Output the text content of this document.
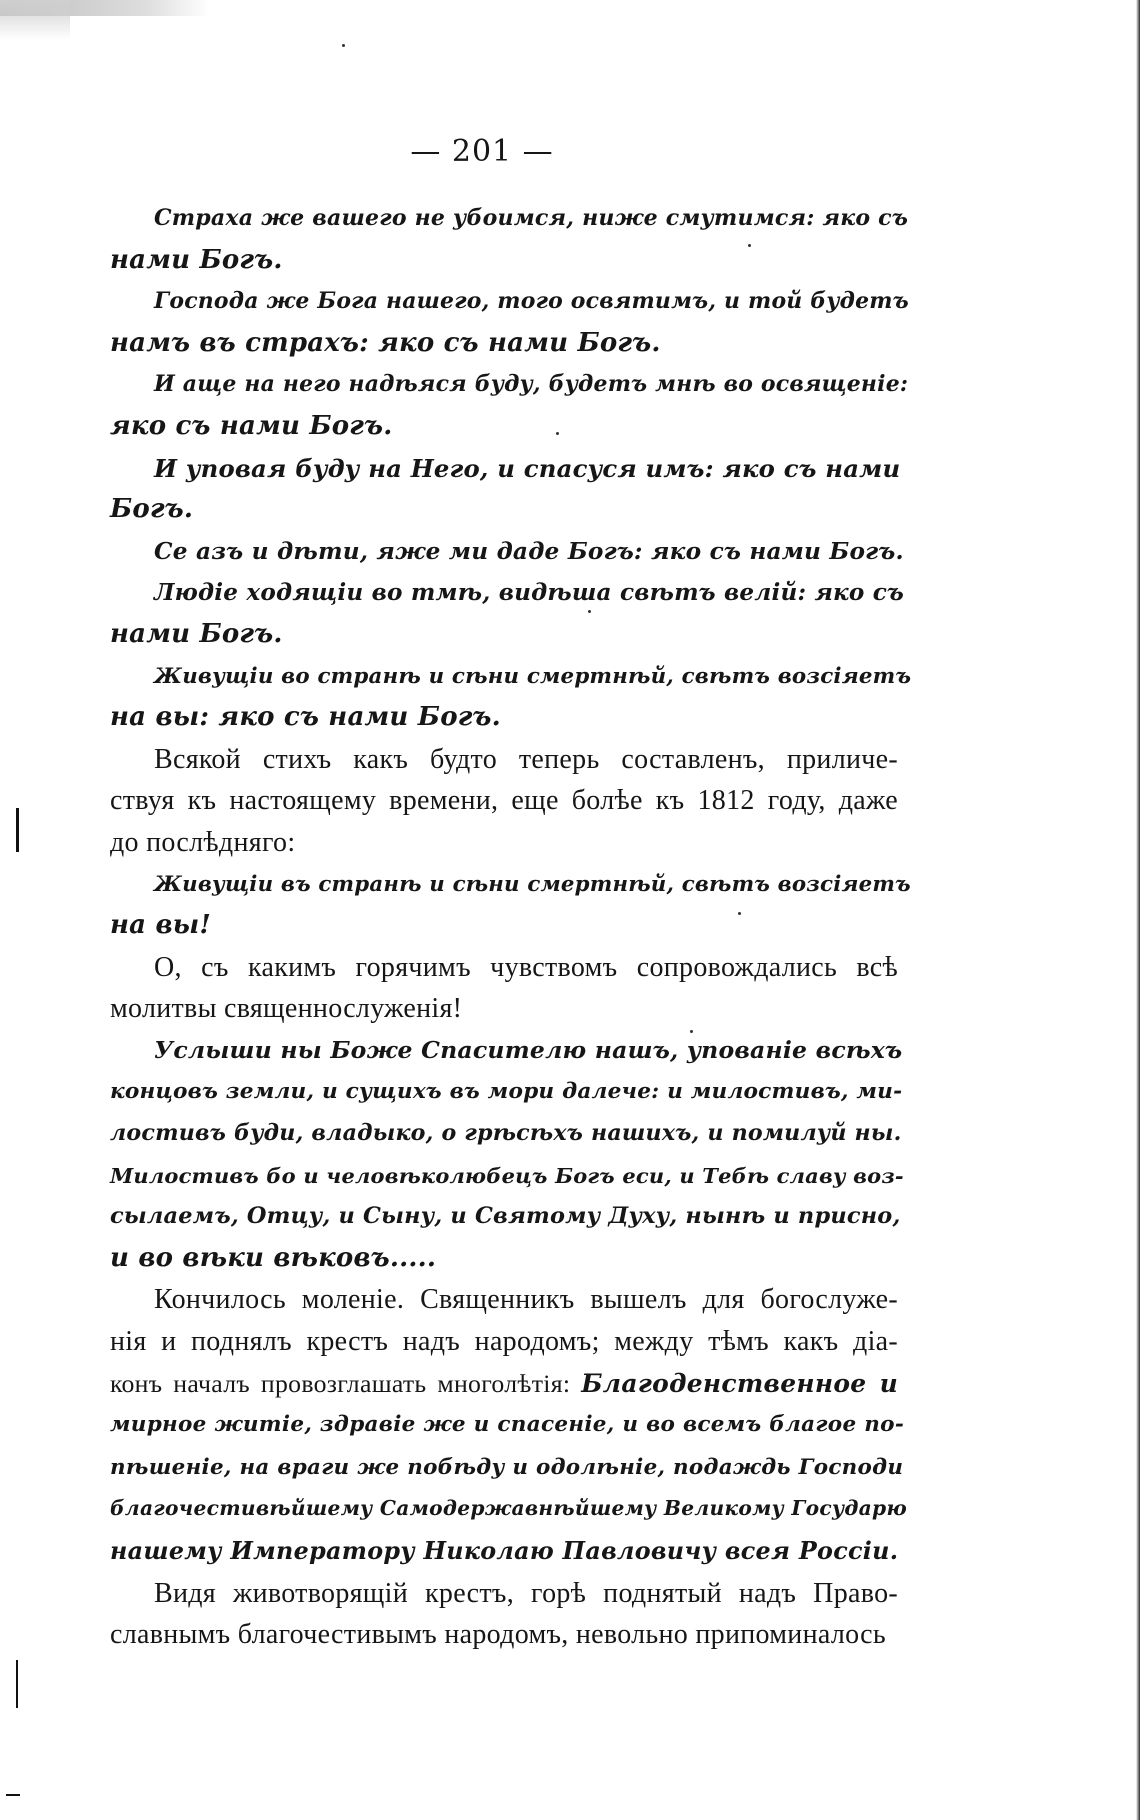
— 201 —
Страха же вашего не убоимся, ниже смутимся: яко съ
нами Богъ.
Господа же Бога нашего, того освятимъ, и той будетъ
намъ въ страхъ: яко съ нами Богъ.
И аще на него надѣяся буду, будетъ мнѣ во освященіе:
яко съ нами Богъ.
И уповая буду на Него, и спасуся имъ: яко съ нами
Богъ.
Се азъ и дѣти, яже ми даде Богъ: яко съ нами Богъ.
Людіе ходящіи во тмѣ, видѣша свѣтъ велій: яко съ
нами Богъ.
Живущіи во странѣ и сѣни смертнѣй, свѣтъ возсіяетъ
на вы: яко съ нами Богъ.
Всякой стихъ какъ будто теперь составленъ, приличе-
ствуя къ настоящему времени, еще болѣе къ 1812 году, даже
до послѣдняго:
Живущіи въ странѣ и сѣни смертнѣй, свѣтъ возсіяетъ
на вы!
О, съ какимъ горячимъ чувствомъ сопровождались всѣ
молитвы священнослуженія!
Услыши ны Боже Спасителю нашъ, упованіе всѣхъ
концовъ земли, и сущихъ въ мори далече: и милостивъ, ми-
лостивъ буди, владыко, о грѣсѣхъ нашихъ, и помилуй ны.
Милостивъ бо и человѣколюбецъ Богъ еси, и Тебѣ славу воз-
сылаемъ, Отцу, и Сыну, и Святому Духу, нынѣ и присно,
и во вѣки вѣковъ.....
Кончилось моленіе. Священникъ вышелъ для богослуже-
нія и поднялъ крестъ надъ народомъ; между тѣмъ какъ діа-
конъ началъ провозглашать многолѣтія: Благоденственное и
мирное житіе, здравіе же и спасеніе, и во всемъ благое по-
пѣшеніе, на враги же побѣду и одолѣніе, подаждь Господи
благочестивѣйшему Самодержавнѣйшему Великому Государю
нашему Императору Николаю Павловичу всея Россіи.
Видя животворящій крестъ, горѣ поднятый надъ Право-
славнымъ благочестивымъ народомъ, невольно припоминалось
